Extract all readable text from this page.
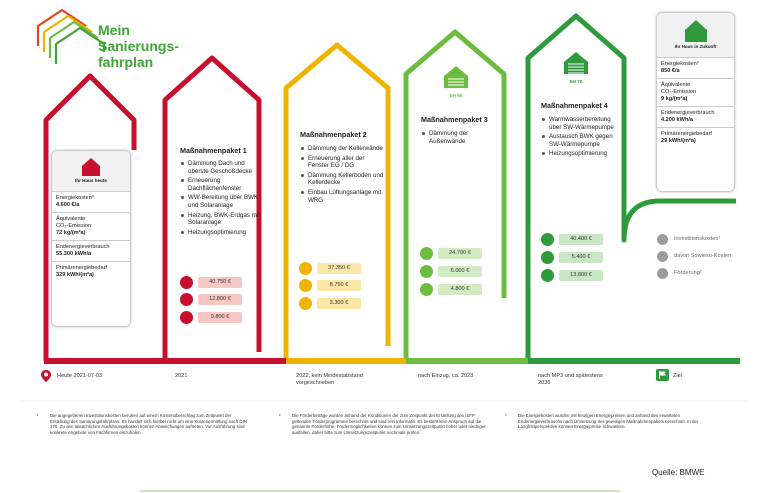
Mein
Sanierungs-
fahrplan
Ihr Haus heute
Energiekosten³
4.600 €/a
Äquivalente
CO₂-Emission
72 kg/(m²a)
Endenergieverbrauch
55.300 kWh/a
Primärenergiebedarf
329 kWh/(m²a)
Ihr Haus in Zukunft
Energiekosten³
850 €/a
Äquivalente
CO₂-Emission
9 kg/(m²a)
Endenergieverbrauch
4.200 kWh/a
Primärenergiebedarf
29 kWh/(m²a)
EH 85
EH 70
Maßnahmenpaket 1
Dämmung Dach und oberste Geschoßdecke
Erneuerung Dachflächenfenster
WW-Bereitung über BWK und Solaranlage
Heizung, BWK-Erdgas mit Solaranlage
Heizungsoptimierung
40.750 €
12.800 €
9.800 €
Maßnahmenpaket 2
Dämmung der Kellerwände
Erneuerung aller der Fenster EG / DG
Dämmung Kellerboden und Kellerdecke
Einbau Lüftungsanlage mit WRG
37.350 €
8.750 €
3.300 €
Maßnahmenpaket 3
Dämmung der Außenwände
24.700 €
6.000 €
4.800 €
Maßnahmenpaket 4
Warmwasserbereitung über SW-Wärmepumpe
Austausch BWK gegen SW-Wärmepumpe
Heizungsoptimierung
40.400 €
5.400 €
13.800 €
Investitionskosten¹
davon Sowieso-Kosten
Förderung²
Heute 2021-07-03	2021	2022, kein Mindestabstand
vorgeschrieben
nach Einzug, ca. 2023	nach MP3 und spätestens
2036
Ziel
¹	Die angegebenen Investitionskosten beruhen auf einem Kostenüberschlag zum Zeitpunkt der Erstellung des Sanierungsfahrplans. Es handelt sich hierbei nicht um eine Kostenermittlung nach DIN 276. Zu den tatsächlichen Ausführungskosten können Abweichungen auftreten. Vor Ausführung sind konkrete Angebote von Fachfirmen einzuholen.
²	Die Förderbeträge wurden anhand der Konditionen der zum Zeitpunkt der Erstellung des iSFP geltenden Förderprogramme berechnet und sind rein informativ. Es besteht kein Anspruch auf die genannte Förderhöhe. Fördermöglichkeiten können zum Umsetzungszeitpunkt höher oder niedriger ausfallen, daher bitte zum Umsetzungszeitpunkt nochmals prüfen.
³	Die Energiekosten wurden mit heutigen Energiepreisen und anhand des erwarteten Endenergieverbrauchs nach Umsetzung des jeweiligen Maßnahmenpakets berechnet. In der Langfristperspektive können Energiepreise schwanken.
Quelle: BMWE
